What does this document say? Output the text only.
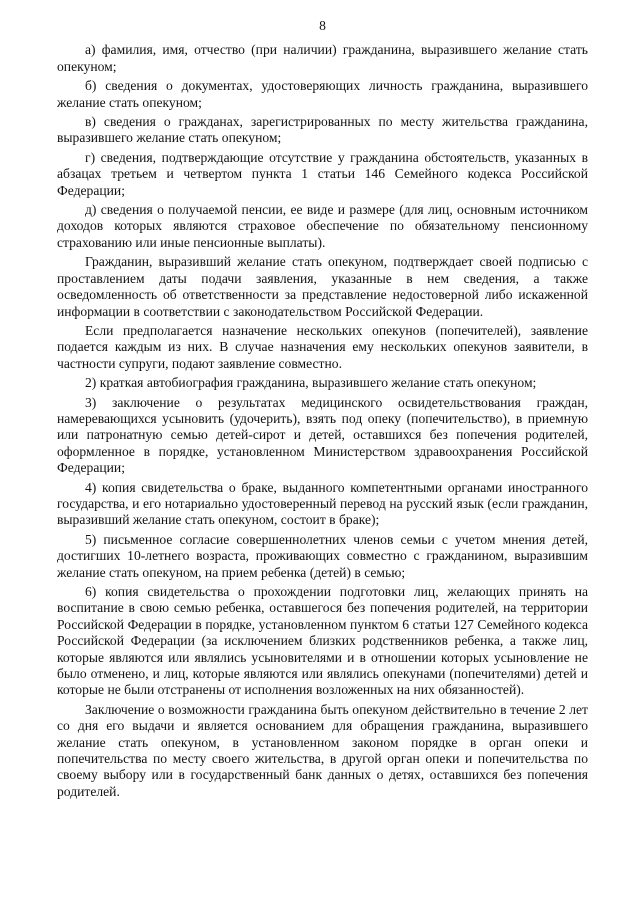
8

а) фамилия, имя, отчество (при наличии) гражданина, выразившего желание стать опекуном;

б) сведения о документах, удостоверяющих личность гражданина, выразившего желание стать опекуном;

в) сведения о гражданах, зарегистрированных по месту жительства гражданина, выразившего желание стать опекуном;

г) сведения, подтверждающие отсутствие у гражданина обстоятельств, указанных в абзацах третьем и четвертом пункта 1 статьи 146 Семейного кодекса Российской Федерации;

д) сведения о получаемой пенсии, ее виде и размере (для лиц, основным источником доходов которых являются страховое обеспечение по обязательному пенсионному страхованию или иные пенсионные выплаты).

Гражданин, выразивший желание стать опекуном, подтверждает своей подписью с проставлением даты подачи заявления, указанные в нем сведения, а также осведомленность об ответственности за представление недостоверной либо искаженной информации в соответствии с законодательством Российской Федерации.

Если предполагается назначение нескольких опекунов (попечителей), заявление подается каждым из них. В случае назначения ему нескольких опекунов заявители, в частности супруги, подают заявление совместно.

2) краткая автобиография гражданина, выразившего желание стать опекуном;

3) заключение о результатах медицинского освидетельствования граждан, намеревающихся усыновить (удочерить), взять под опеку (попечительство), в приемную или патронатную семью детей-сирот и детей, оставшихся без попечения родителей, оформленное в порядке, установленном Министерством здравоохранения Российской Федерации;

4) копия свидетельства о браке, выданного компетентными органами иностранного государства, и его нотариально удостоверенный перевод на русский язык (если гражданин, выразивший желание стать опекуном, состоит в браке);

5) письменное согласие совершеннолетних членов семьи с учетом мнения детей, достигших 10-летнего возраста, проживающих совместно с гражданином, выразившим желание стать опекуном, на прием ребенка (детей) в семью;

6) копия свидетельства о прохождении подготовки лиц, желающих принять на воспитание в свою семью ребенка, оставшегося без попечения родителей, на территории Российской Федерации в порядке, установленном пунктом 6 статьи 127 Семейного кодекса Российской Федерации (за исключением близких родственников ребенка, а также лиц, которые являются или являлись усыновителями и в отношении которых усыновление не было отменено, и лиц, которые являются или являлись опекунами (попечителями) детей и которые не были отстранены от исполнения возложенных на них обязанностей).

Заключение о возможности гражданина быть опекуном действительно в течение 2 лет со дня его выдачи и является основанием для обращения гражданина, выразившего желание стать опекуном, в установленном законом порядке в орган опеки и попечительства по месту своего жительства, в другой орган опеки и попечительства по своему выбору или в государственный банк данных о детях, оставшихся без попечения родителей.
